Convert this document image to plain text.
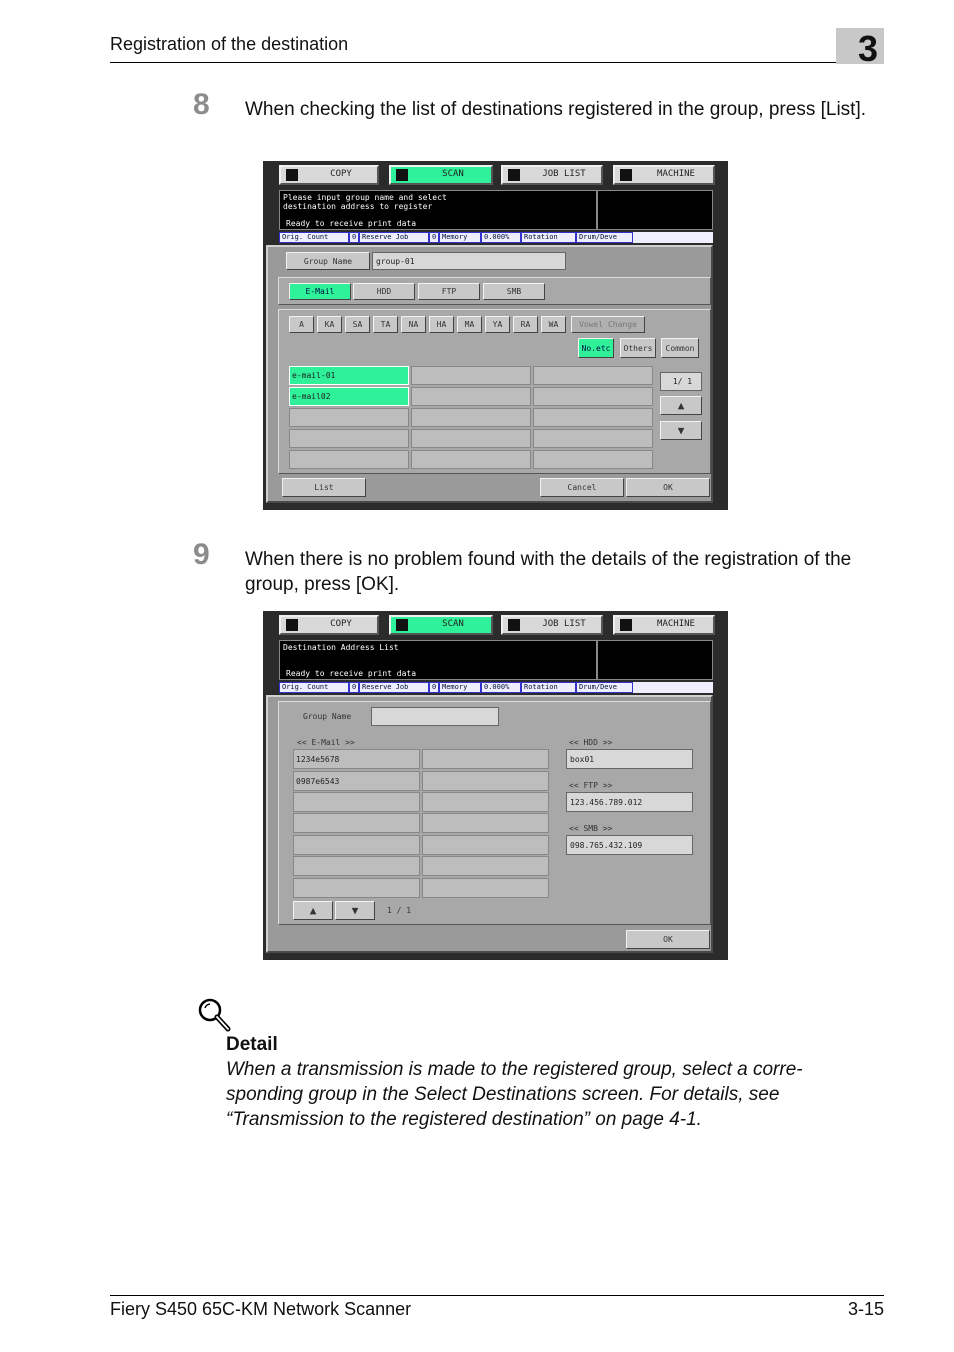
Registration of the destination	3
8 When checking the list of destinations registered in the group, press [List].
COPY	SCAN	JOB LIST	MACHINE
Please input group name and select destination address to register
Ready to receive print data
Orig. Count	0 Reserve Job	0 Memory	0.000%	Rotation	Drum/Deve
Group Name	group-01
E-Mail	HDD	FTP	SMB
A	KA	SA	TA	NA	HA	MA	YA	RA	WA	Vowel Change
No.etc	Others	Common
e-mail-01
e-mail02
1/ 1
▲
▼
List	Cancel	OK
9 When there is no problem found with the details of the registration of the group, press [OK].
COPY	SCAN	JOB LIST	MACHINE
Destination Address List
Ready to receive print data
Orig. Count	0 Reserve Job	0 Memory	0.000%	Rotation	Drum/Deve
Group Name
<< E-Mail >>
1234e5678
0987e6543
▲	▼	1 / 1
<< HDD >>
box01
<< FTP >>
123.456.789.012
<< SMB >>
098.765.432.109
OK
Detail
When a transmission is made to the registered group, select a corre-sponding group in the Select Destinations screen. For details, see “Transmission to the registered destination” on page 4-1.
Fiery S450 65C-KM Network Scanner	3-15
